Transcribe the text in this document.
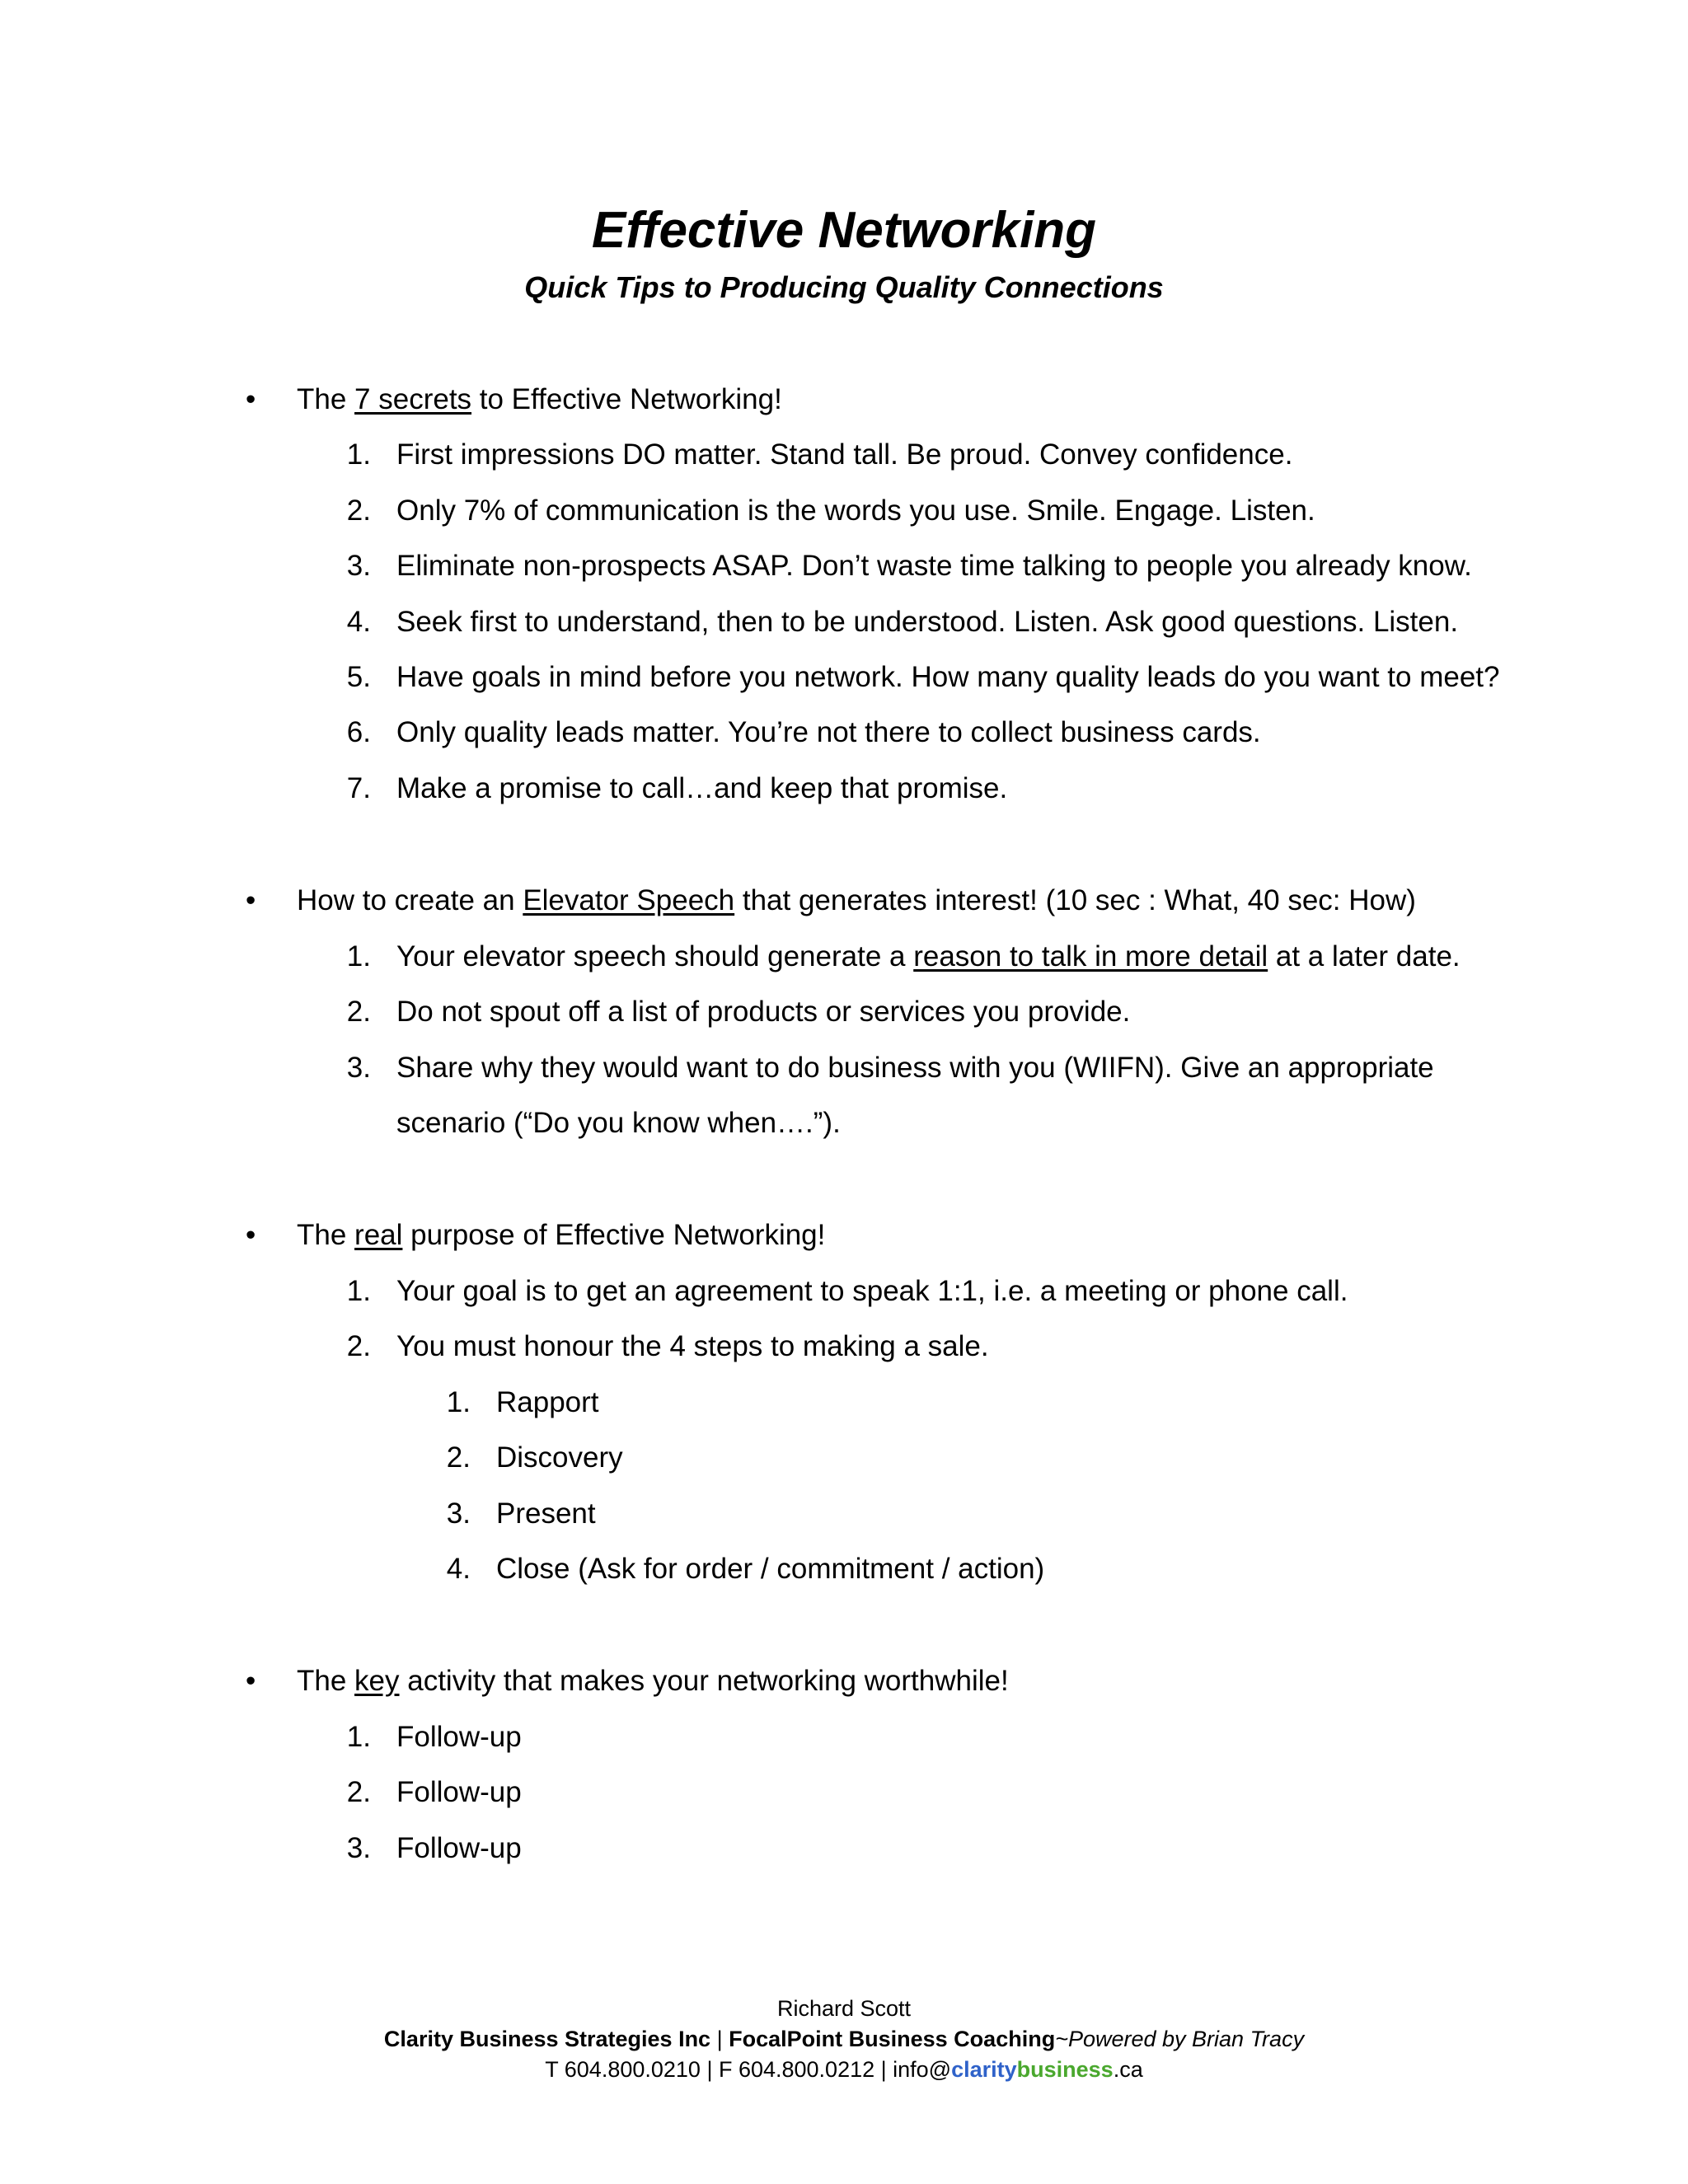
Effective Networking
Quick Tips to Producing Quality Connections
• The 7 secrets to Effective Networking!
1. First impressions DO matter. Stand tall. Be proud. Convey confidence.
2. Only 7% of communication is the words you use. Smile. Engage. Listen.
3. Eliminate non-prospects ASAP. Don’t waste time talking to people you already know.
4. Seek first to understand, then to be understood. Listen. Ask good questions. Listen.
5. Have goals in mind before you network. How many quality leads do you want to meet?
6. Only quality leads matter. You’re not there to collect business cards.
7. Make a promise to call…and keep that promise.
• How to create an Elevator Speech that generates interest! (10 sec : What, 40 sec: How)
1. Your elevator speech should generate a reason to talk in more detail at a later date.
2. Do not spout off a list of products or services you provide.
3. Share why they would want to do business with you (WIIFN). Give an appropriate
scenario (“Do you know when….”).
• The real purpose of Effective Networking!
1. Your goal is to get an agreement to speak 1:1, i.e. a meeting or phone call.
2. You must honour the 4 steps to making a sale.
1. Rapport
2. Discovery
3. Present
4. Close (Ask for order / commitment / action)
• The key activity that makes your networking worthwhile!
1. Follow-up
2. Follow-up
3. Follow-up
Richard Scott
Clarity Business Strategies Inc | FocalPoint Business Coaching~Powered by Brian Tracy
T 604.800.0210 | F 604.800.0212 | info@claritybusiness.ca
